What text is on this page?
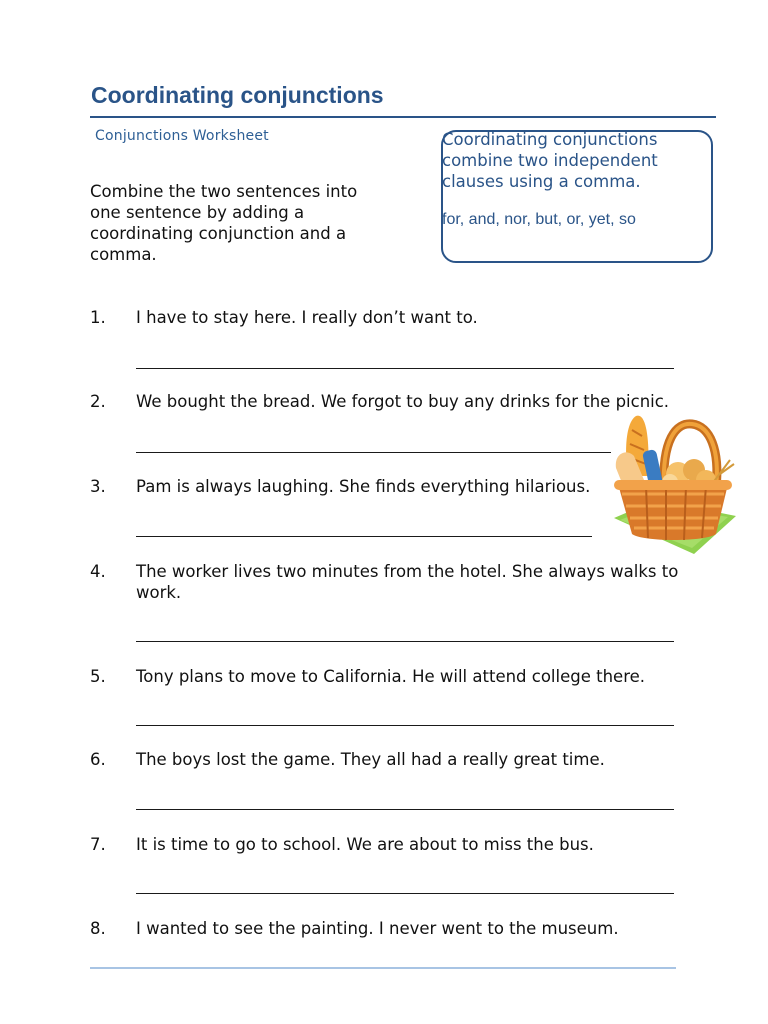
Coordinating conjunctions
Conjunctions Worksheet
Combine the two sentences into one sentence by adding a coordinating conjunction and a comma.
Coordinating conjunctions combine two independent clauses using a comma.
for, and, nor, but, or, yet, so
1. I have to stay here. I really don’t want to.
2. We bought the bread. We forgot to buy any drinks for the picnic.
3. Pam is always laughing. She finds everything hilarious.
4. The worker lives two minutes from the hotel. She always walks to work.
5. Tony plans to move to California. He will attend college there.
6. The boys lost the game. They all had a really great time.
7. It is time to go to school. We are about to miss the bus.
8. I wanted to see the painting. I never went to the museum.
